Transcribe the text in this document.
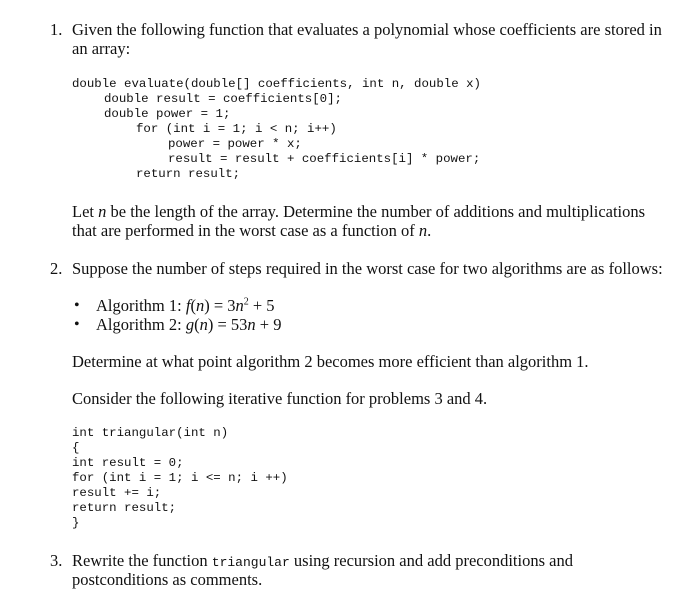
1. Given the following function that evaluates a polynomial whose coefficients are stored in
an array:
double evaluate(double[] coefficients, int n, double x)
double result = coefficients[0];
double power = 1;
for (int i = 1; i < n; i++)
power = power * x;
result = result + coefficients[i] * power;
return result;
Let n be the length of the array. Determine the number of additions and multiplications
that are performed in the worst case as a function of n.
2. Suppose the number of steps required in the worst case for two algorithms are as follows:
• Algorithm 1: $f(n) = 3n^2 + 5$
• Algorithm 2: g(n) = 53n + 9
Determine at what point algorithm 2 becomes more efficient than algorithm 1.
Consider the following iterative function for problems 3 and 4.
int triangular(int n)
{
int result = 0;
for (int i = 1; i <= n; i ++)
result += i;
return result;
}
3. Rewrite the function triangular using recursion and add preconditions and
postconditions as comments.
